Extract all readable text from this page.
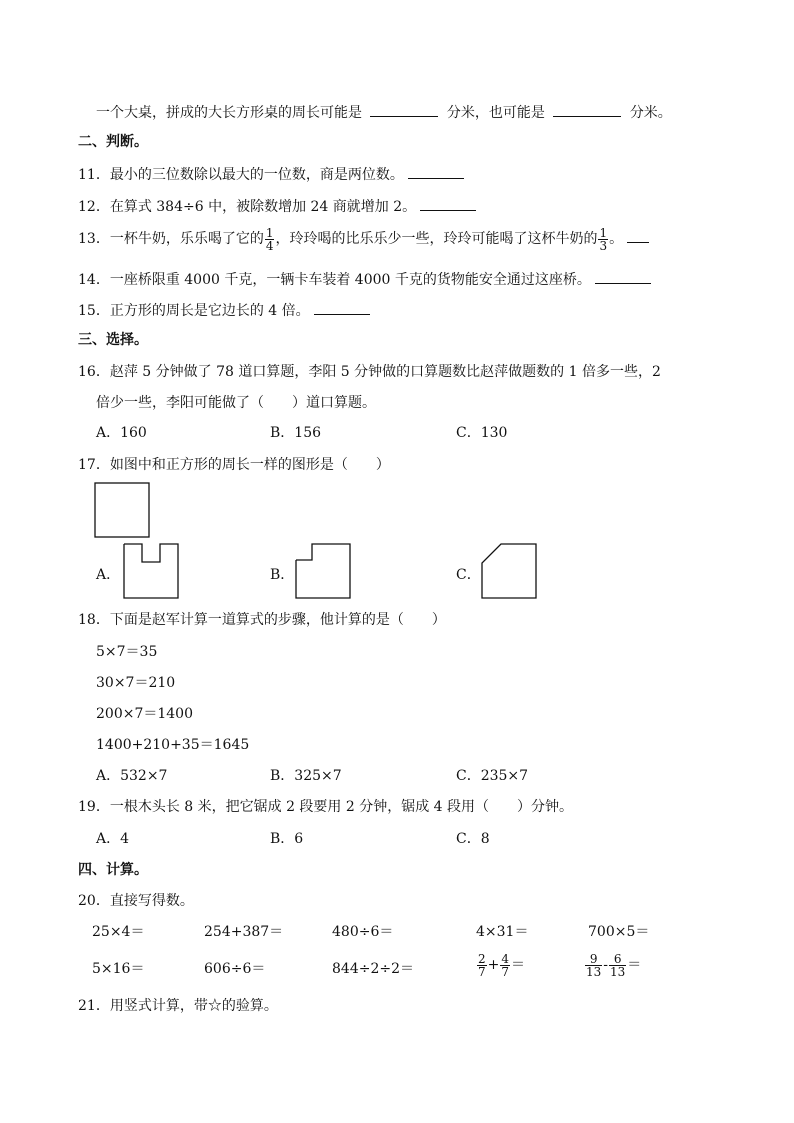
一个大桌，拼成的大长方形桌的周长可能是	分米，也可能是	分米。
二、判断。
11．最小的三位数除以最大的一位数，商是两位数。
12．在算式 384÷6 中，被除数增加 24 商就增加 2。
13．一杯牛奶，乐乐喝了它的 $\frac{1}{4}$ ，玲玲喝的比乐乐少一些，玲玲可能喝了这杯牛奶的 $\frac{1}{3}$ 。
14．一座桥限重 4000 千克，一辆卡车装着 4000 千克的货物能安全通过这座桥。
15．正方形的周长是它边长的 4 倍。
三、选择。
16．赵萍 5 分钟做了 78 道口算题，李阳 5 分钟做的口算题数比赵萍做题数的 1 倍多一些，2
倍少一些，李阳可能做了（　　）道口算题。
A．160	B．156	C．130
17．如图中和正方形的周长一样的图形是（　　）
A．	B．	C．
18．下面是赵军计算一道算式的步骤，他计算的是（　　）
5×7＝35
30×7＝210
200×7＝1400
1400+210+35＝1645
A．532×7	B．325×7	C．235×7
19．一根木头长 8 米，把它锯成 2 段要用 2 分钟，锯成 4 段用（　　）分钟。
A．4	B．6	C．8
四、计算。
20．直接写得数。
25×4＝	254+387＝	480÷6＝	4×31＝	700×5＝
5×16＝	606÷6＝	844÷2÷2＝	$\frac{2}{7} + \frac{4}{7}$ ＝	$\frac{9}{13} - \frac{6}{13}$ ＝
21．用竖式计算，带☆的验算。
